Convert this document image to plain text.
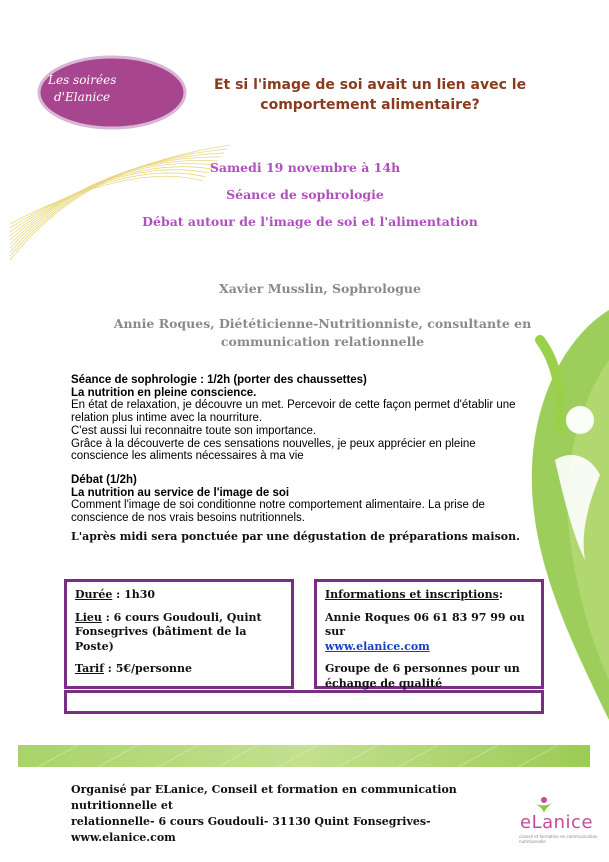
Les soirées
d'Elanice
Et si l'image de soi avait un lien avec le
comportement alimentaire?
Samedi 19 novembre à 14h
Séance de sophrologie
Débat autour de l'image de soi et l'alimentation
Xavier Musslin, Sophrologue
Annie Roques, Diététicienne-Nutritionniste, consultante en communication relationnelle
Séance de sophrologie : 1/2h (porter des chaussettes)
La nutrition en pleine conscience.
En état de relaxation, je découvre un met. Percevoir de cette façon permet d'établir une relation plus intime avec la nourriture.
C'est aussi lui reconnaitre toute son importance.
Grâce à la découverte de ces sensations nouvelles, je peux apprécier en pleine conscience les aliments nécessaires à ma vie
Débat (1/2h)
La nutrition au service de l'image de soi
Comment l'image de soi conditionne notre comportement alimentaire. La prise de conscience de nos vrais besoins nutritionnels.
L'après midi sera ponctuée par une dégustation de préparations maison.
Durée : 1h30
Lieu : 6 cours Goudouli, Quint Fonsegrives (bâtiment de la Poste)
Tarif : 5€/personne
Informations et inscriptions:
Annie Roques 06 61 83 97 99 ou sur
www.elanice.com
Groupe de 6 personnes pour un échange de qualité
Organisé par ELanice, Conseil et formation en communication nutritionnelle et
relationnelle- 6 cours Goudouli- 31130 Quint Fonsegrives- www.elanice.com
eLanice
conseil et formation en communication nutritionnelle
